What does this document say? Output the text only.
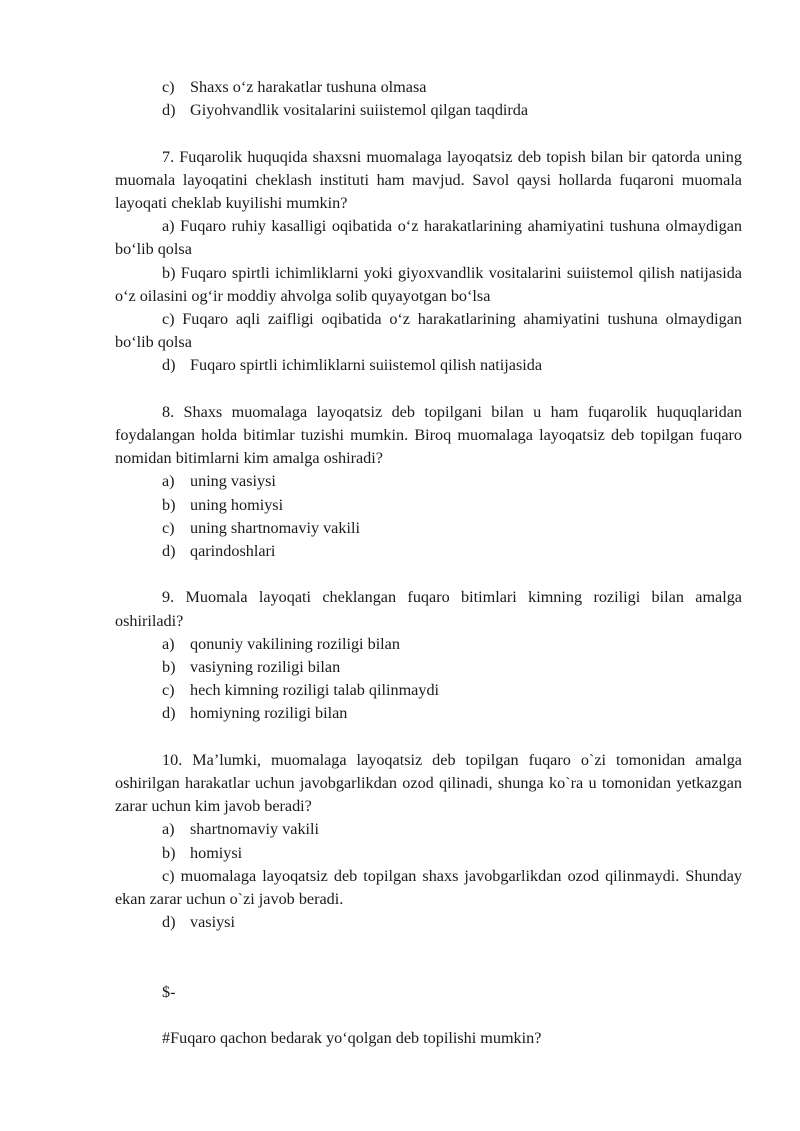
c) Shaxs o‘z harakatlar tushuna olmasa
d) Giyohvandlik vositalarini suiistemol qilgan taqdirda

7. Fuqarolik huquqida shaxsni muomalaga layoqatsiz deb topish bilan bir qatorda uning muomala layoqatini cheklash instituti ham mavjud. Savol qaysi hollarda fuqaroni muomala layoqati cheklab kuyilishi mumkin?

a) Fuqaro ruhiy kasalligi oqibatida o‘z harakatlarining ahamiyatini tushuna olmaydigan bo‘lib qolsa

b) Fuqaro spirtli ichimliklarni yoki giyoxvandlik vositalarini suiistemol qilish natijasida o‘z oilasini og‘ir moddiy ahvolga solib quyayotgan bo‘lsa

c) Fuqaro aqli zaifligi oqibatida o‘z harakatlarining ahamiyatini tushuna olmaydigan bo‘lib qolsa

d) Fuqaro spirtli ichimliklarni suiistemol qilish natijasida

8. Shaxs muomalaga layoqatsiz deb topilgani bilan u ham fuqarolik huquqlaridan foydalangan holda bitimlar tuzishi mumkin. Biroq muomalaga layoqatsiz deb topilgan fuqaro nomidan bitimlarni kim amalga oshiradi?

a) uning vasiysi
b) uning homiysi
c) uning shartnomaviy vakili
d) qarindoshlari

9. Muomala layoqati cheklangan fuqaro bitimlari kimning roziligi bilan amalga oshiriladi?

a) qonuniy vakilining roziligi bilan
b) vasiyning roziligi bilan
c) hech kimning roziligi talab qilinmaydi
d) homiyning roziligi bilan

10. Ma’lumki, muomalaga layoqatsiz deb topilgan fuqaro o`zi tomonidan amalga oshirilgan harakatlar uchun javobgarlikdan ozod qilinadi, shunga ko`ra u tomonidan yetkazgan zarar uchun kim javob beradi?

a) shartnomaviy vakili
b) homiysi

c) muomalaga layoqatsiz deb topilgan shaxs javobgarlikdan ozod qilinmaydi. Shunday ekan zarar uchun o`zi javob beradi.

d) vasiysi

$-

#Fuqaro qachon bedarak yo‘qolgan deb topilishi mumkin?
